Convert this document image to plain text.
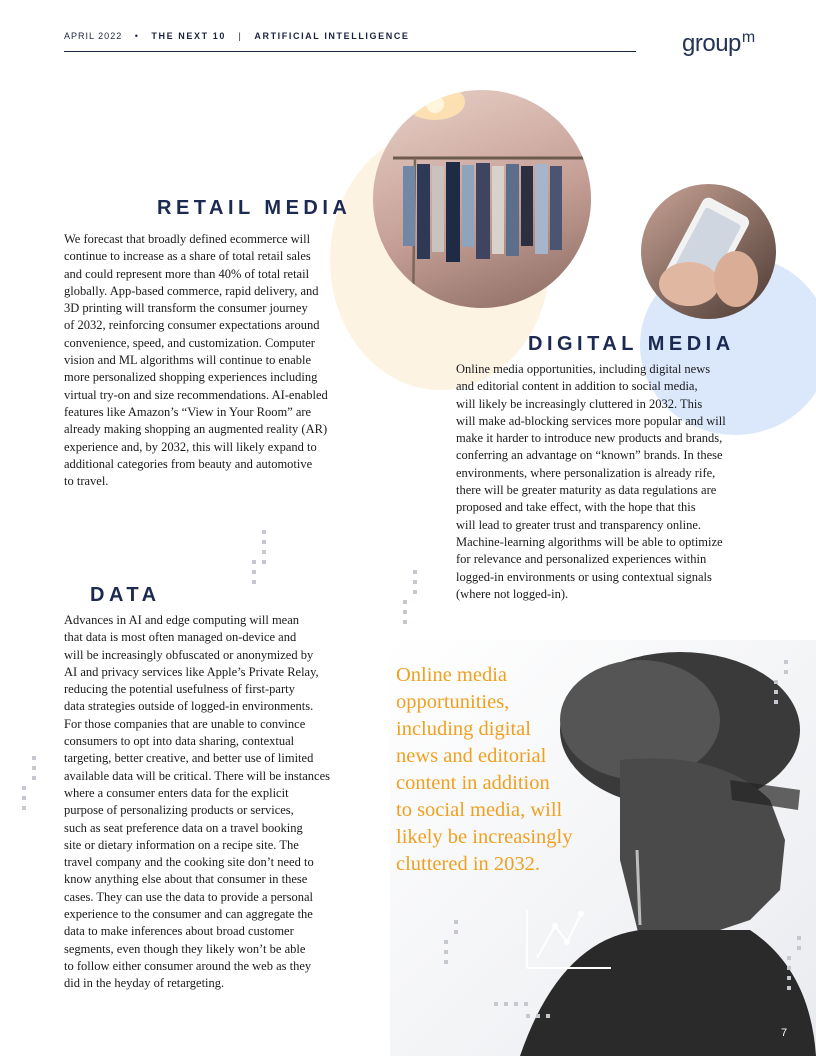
APRIL 2022 • THE NEXT 10 | ARTIFICIAL INTELLIGENCE	group$^m$
RETAIL MEDIA
We forecast that broadly defined ecommerce will
continue to increase as a share of total retail sales
and could represent more than 40% of total retail
globally. App-based commerce, rapid delivery, and
3D printing will transform the consumer journey
of 2032, reinforcing consumer expectations around
convenience, speed, and customization. Computer
vision and ML algorithms will continue to enable
more personalized shopping experiences including
virtual try-on and size recommendations. AI-enabled
features like Amazon’s “View in Your Room” are
already making shopping an augmented reality (AR)
experience and, by 2032, this will likely expand to
additional categories from beauty and automotive
to travel.
DIGITAL MEDIA
Online media opportunities, including digital news
and editorial content in addition to social media,
will likely be increasingly cluttered in 2032. This
will make ad-blocking services more popular and will
make it harder to introduce new products and brands,
conferring an advantage on “known” brands. In these
environments, where personalization is already rife,
there will be greater maturity as data regulations are
proposed and take effect, with the hope that this
will lead to greater trust and transparency online.
Machine-learning algorithms will be able to optimize
for relevance and personalized experiences within
logged-in environments or using contextual signals
(where not logged-in).
Online media
opportunities,
including digital
news and editorial
content in addition
to social media, will
likely be increasingly
cluttered in 2032.
DATA
Advances in AI and edge computing will mean
that data is most often managed on-device and
will be increasingly obfuscated or anonymized by
AI and privacy services like Apple’s Private Relay,
reducing the potential usefulness of first-party
data strategies outside of logged-in environments.
For those companies that are unable to convince
consumers to opt into data sharing, contextual
targeting, better creative, and better use of limited
available data will be critical. There will be instances
where a consumer enters data for the explicit
purpose of personalizing products or services,
such as seat preference data on a travel booking
site or dietary information on a recipe site. The
travel company and the cooking site don’t need to
know anything else about that consumer in these
cases. They can use the data to provide a personal
experience to the consumer and can aggregate the
data to make inferences about broad customer
segments, even though they likely won’t be able
to follow either consumer around the web as they
did in the heyday of retargeting.
7
